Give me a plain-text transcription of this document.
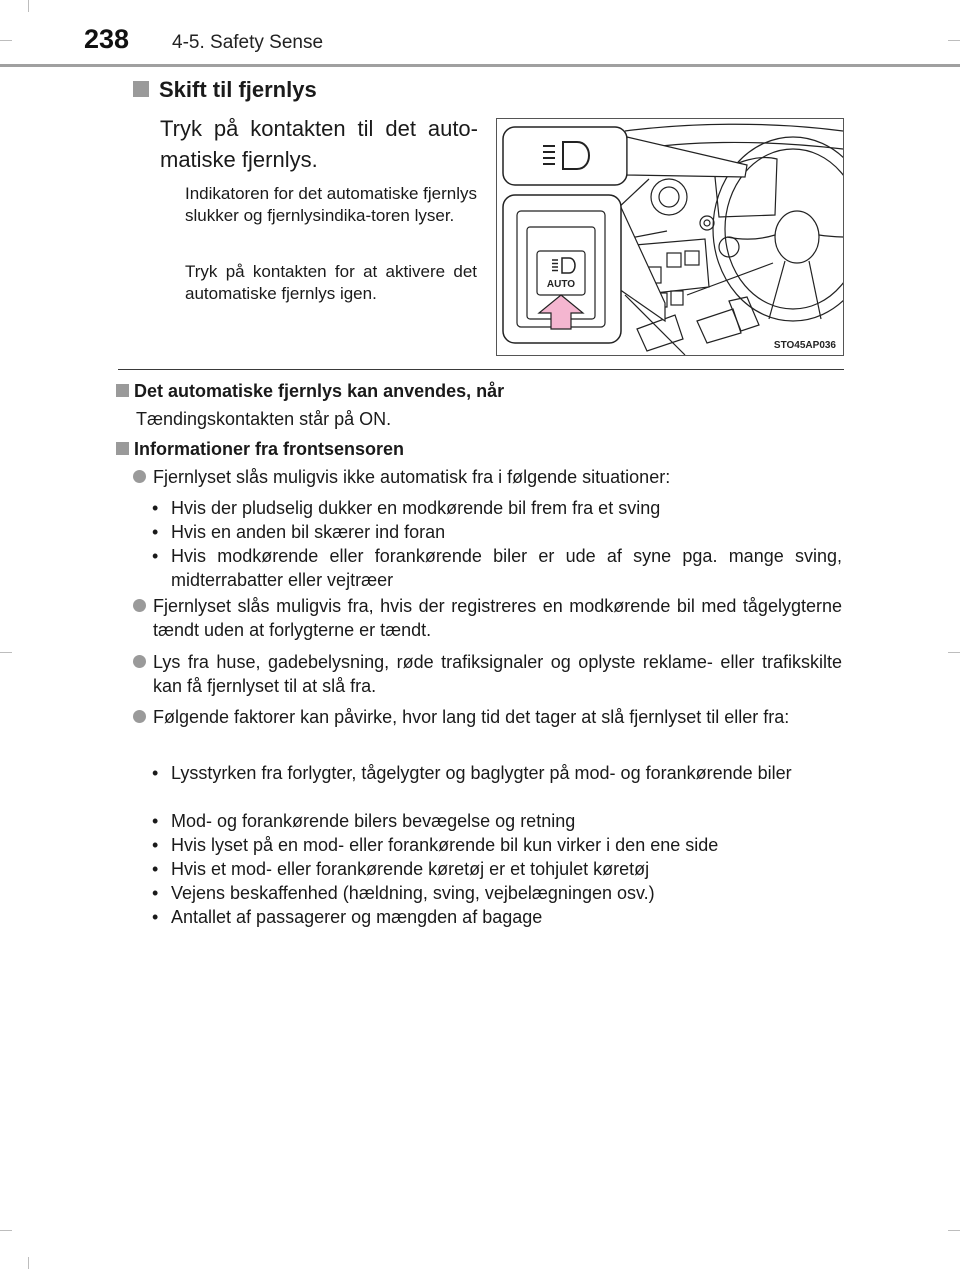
238 4-5. Safety Sense
Skift til fjernlys
Tryk på kontakten til det auto-matiske fjernlys.
Indikatoren for det automatiske fjernlys slukker og fjernlysindika-toren lyser.
Tryk på kontakten for at aktivere det automatiske fjernlys igen.	AUTO
STO45AP036
Det automatiske fjernlys kan anvendes, når
Tændingskontakten står på ON.
Informationer fra frontsensoren
Fjernlyset slås muligvis ikke automatisk fra i følgende situationer:
• Hvis der pludselig dukker en modkørende bil frem fra et sving
• Hvis en anden bil skærer ind foran
• Hvis modkørende eller forankørende biler er ude af syne pga. mange sving, midterrabatter eller vejtræer
Fjernlyset slås muligvis fra, hvis der registreres en modkørende bil med tågelygterne tændt uden at forlygterne er tændt.
Lys fra huse, gadebelysning, røde trafiksignaler og oplyste reklame- eller trafikskilte kan få fjernlyset til at slå fra.
Følgende faktorer kan påvirke, hvor lang tid det tager at slå fjernlyset til eller fra:
• Lysstyrken fra forlygter, tågelygter og baglygter på mod- og forankørende biler
• Mod- og forankørende bilers bevægelse og retning
• Hvis lyset på en mod- eller forankørende bil kun virker i den ene side
• Hvis et mod- eller forankørende køretøj er et tohjulet køretøj
• Vejens beskaffenhed (hældning, sving, vejbelægningen osv.)
• Antallet af passagerer og mængden af bagage
